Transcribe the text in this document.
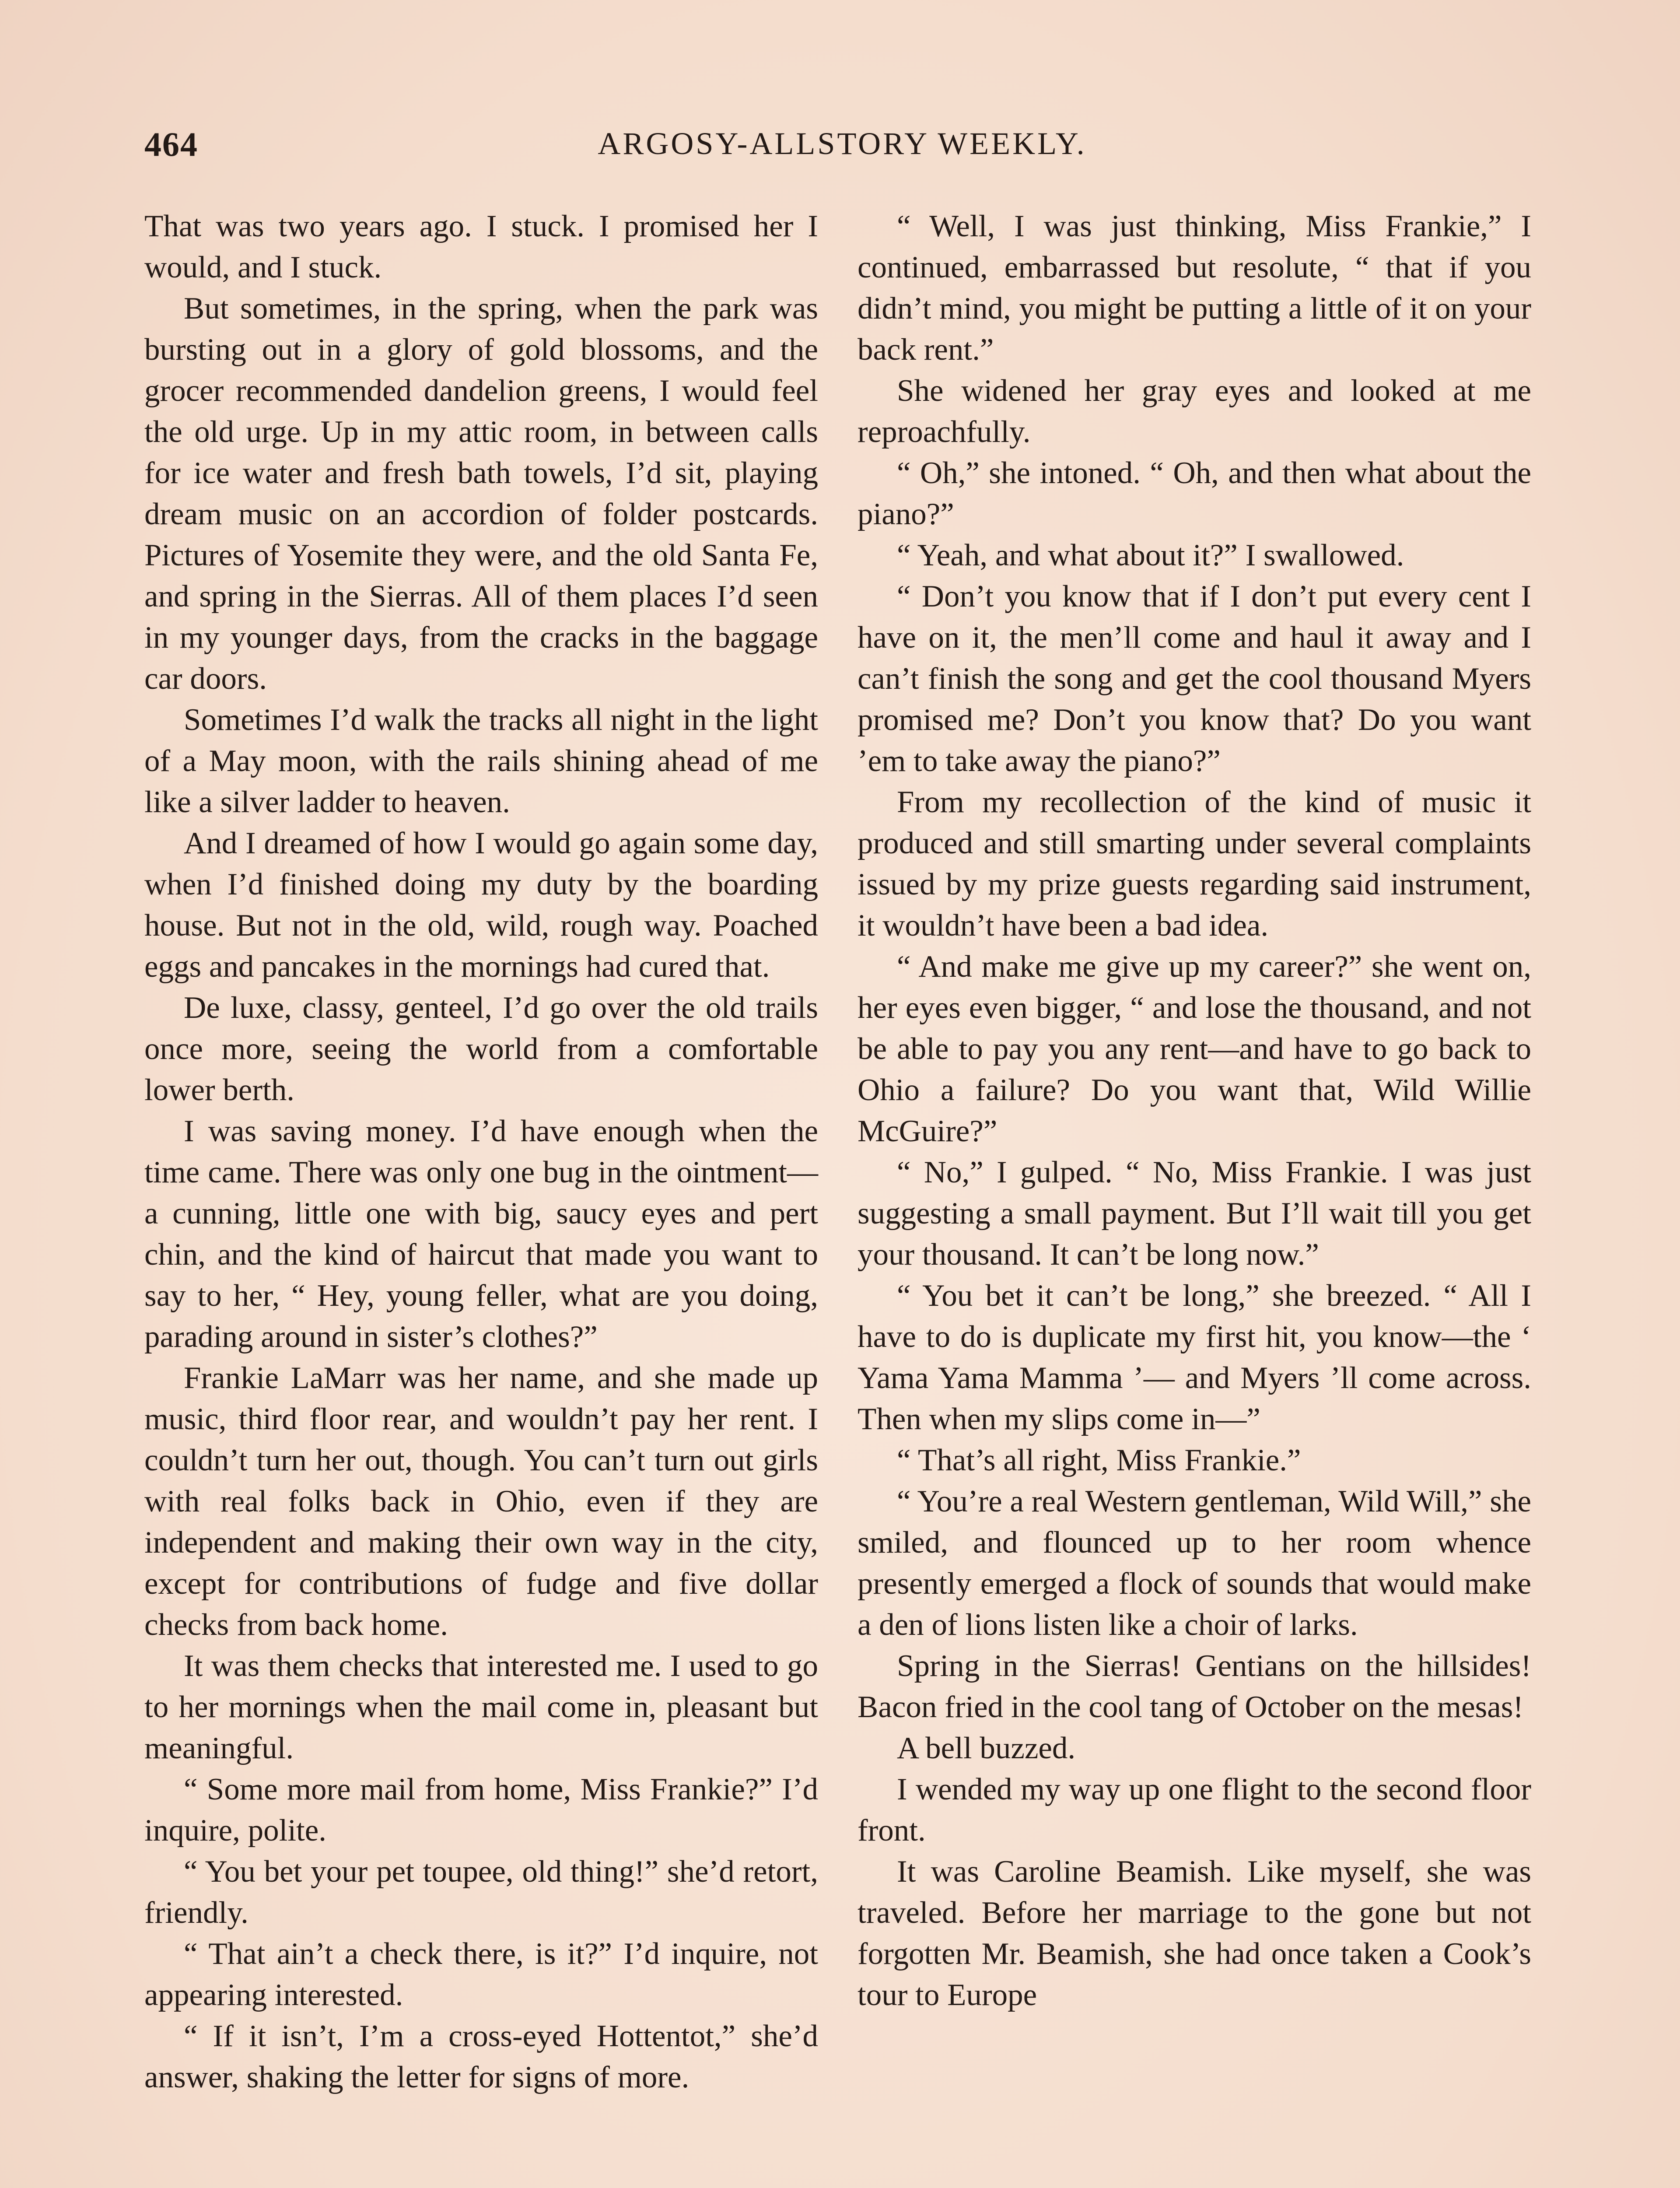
464	ARGOSY-ALLSTORY WEEKLY.

That was two years ago. I stuck. I promised her I would, and I stuck.

But sometimes, in the spring, when the park was bursting out in a glory of gold blossoms, and the grocer recommended dandelion greens, I would feel the old urge. Up in my attic room, in between calls for ice water and fresh bath towels, I’d sit, playing dream music on an accordion of folder postcards. Pictures of Yosemite they were, and the old Santa Fe, and spring in the Sierras. All of them places I’d seen in my younger days, from the cracks in the baggage car doors.

Sometimes I’d walk the tracks all night in the light of a May moon, with the rails shining ahead of me like a silver ladder to heaven.

And I dreamed of how I would go again some day, when I’d finished doing my duty by the boarding house. But not in the old, wild, rough way. Poached eggs and pancakes in the mornings had cured that.

De luxe, classy, genteel, I’d go over the old trails once more, seeing the world from a comfortable lower berth.

I was saving money. I’d have enough when the time came. There was only one bug in the ointment—a cunning, little one with big, saucy eyes and pert chin, and the kind of haircut that made you want to say to her, “ Hey, young feller, what are you doing, parading around in sister’s clothes?”

Frankie LaMarr was her name, and she made up music, third floor rear, and wouldn’t pay her rent. I couldn’t turn her out, though. You can’t turn out girls with real folks back in Ohio, even if they are independent and making their own way in the city, except for contributions of fudge and five dollar checks from back home.

It was them checks that interested me. I used to go to her mornings when the mail come in, pleasant but meaningful.

“ Some more mail from home, Miss Frankie?” I’d inquire, polite.

“ You bet your pet toupee, old thing!” she’d retort, friendly.

“ That ain’t a check there, is it?” I’d inquire, not appearing interested.

“ If it isn’t, I’m a cross-eyed Hottentot,” she’d answer, shaking the letter for signs of more.

“ Well, I was just thinking, Miss Frankie,” I continued, embarrassed but resolute, “ that if you didn’t mind, you might be putting a little of it on your back rent.”

She widened her gray eyes and looked at me reproachfully.

“ Oh,” she intoned. “ Oh, and then what about the piano?”

“ Yeah, and what about it?” I swallowed.

“ Don’t you know that if I don’t put every cent I have on it, the men’ll come and haul it away and I can’t finish the song and get the cool thousand Myers promised me? Don’t you know that? Do you want ’em to take away the piano?”

From my recollection of the kind of music it produced and still smarting under several complaints issued by my prize guests regarding said instrument, it wouldn’t have been a bad idea.

“ And make me give up my career?” she went on, her eyes even bigger, “ and lose the thousand, and not be able to pay you any rent—and have to go back to Ohio a failure? Do you want that, Wild Willie McGuire?”

“ No,” I gulped. “ No, Miss Frankie. I was just suggesting a small payment. But I’ll wait till you get your thousand. It can’t be long now.”

“ You bet it can’t be long,” she breezed. “ All I have to do is duplicate my first hit, you know—the ‘ Yama Yama Mamma ’— and Myers ’ll come across. Then when my slips come in—”

“ That’s all right, Miss Frankie.”

“ You’re a real Western gentleman, Wild Will,” she smiled, and flounced up to her room whence presently emerged a flock of sounds that would make a den of lions listen like a choir of larks.

Spring in the Sierras! Gentians on the hillsides! Bacon fried in the cool tang of October on the mesas!

A bell buzzed.

I wended my way up one flight to the second floor front.

It was Caroline Beamish. Like myself, she was traveled. Before her marriage to the gone but not forgotten Mr. Beamish, she had once taken a Cook’s tour to Europe
